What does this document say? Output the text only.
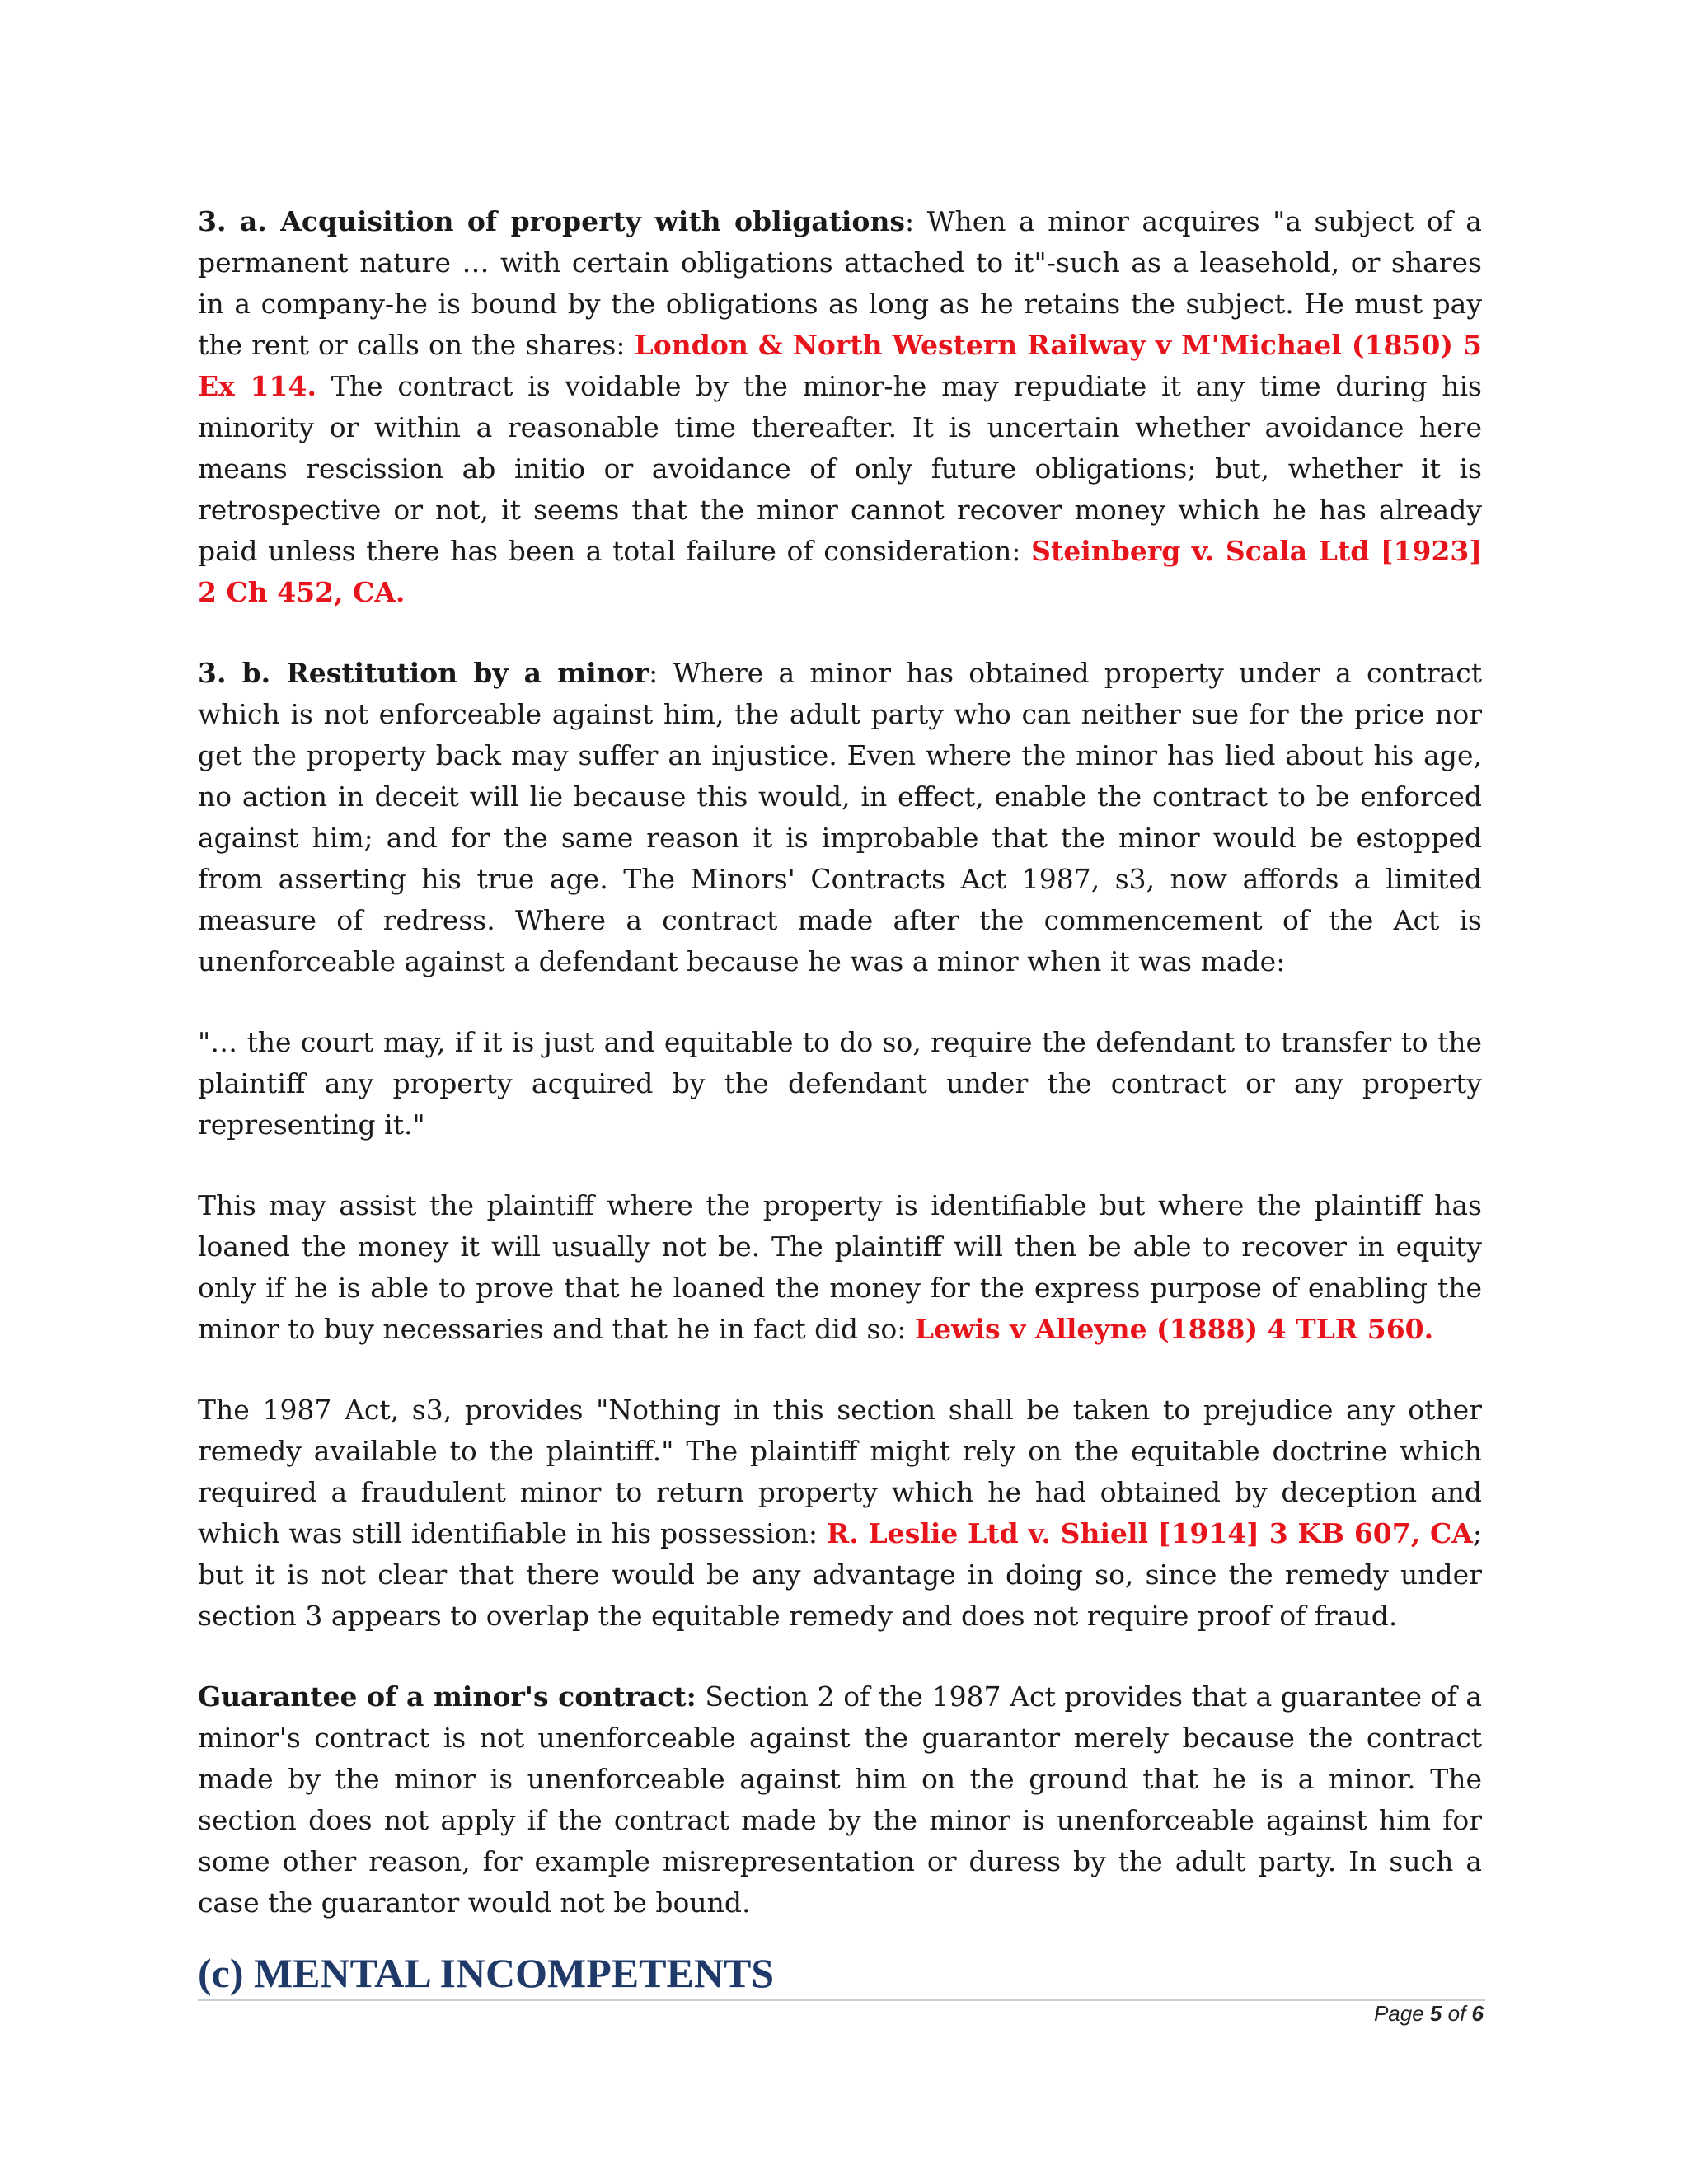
3. a. Acquisition of property with obligations: When a minor acquires "a subject of a permanent nature … with certain obligations attached to it"-such as a leasehold, or shares in a company-he is bound by the obligations as long as he retains the subject. He must pay the rent or calls on the shares: London & North Western Railway v M'Michael (1850) 5 Ex 114. The contract is voidable by the minor-he may repudiate it any time during his minority or within a reasonable time thereafter. It is uncertain whether avoidance here means rescission ab initio or avoidance of only future obligations; but, whether it is retrospective or not, it seems that the minor cannot recover money which he has already paid unless there has been a total failure of consideration: Steinberg v. Scala Ltd [1923] 2 Ch 452, CA.

3. b. Restitution by a minor: Where a minor has obtained property under a contract which is not enforceable against him, the adult party who can neither sue for the price nor get the property back may suffer an injustice. Even where the minor has lied about his age, no action in deceit will lie because this would, in effect, enable the contract to be enforced against him; and for the same reason it is improbable that the minor would be estopped from asserting his true age. The Minors' Contracts Act 1987, s3, now affords a limited measure of redress. Where a contract made after the commencement of the Act is unenforceable against a defendant because he was a minor when it was made:

"… the court may, if it is just and equitable to do so, require the defendant to transfer to the plaintiff any property acquired by the defendant under the contract or any property representing it."

This may assist the plaintiff where the property is identifiable but where the plaintiff has loaned the money it will usually not be. The plaintiff will then be able to recover in equity only if he is able to prove that he loaned the money for the express purpose of enabling the minor to buy necessaries and that he in fact did so: Lewis v Alleyne (1888) 4 TLR 560.

The 1987 Act, s3, provides "Nothing in this section shall be taken to prejudice any other remedy available to the plaintiff." The plaintiff might rely on the equitable doctrine which required a fraudulent minor to return property which he had obtained by deception and which was still identifiable in his possession: R. Leslie Ltd v. Shiell [1914] 3 KB 607, CA; but it is not clear that there would be any advantage in doing so, since the remedy under section 3 appears to overlap the equitable remedy and does not require proof of fraud.

Guarantee of a minor's contract: Section 2 of the 1987 Act provides that a guarantee of a minor's contract is not unenforceable against the guarantor merely because the contract made by the minor is unenforceable against him on the ground that he is a minor. The section does not apply if the contract made by the minor is unenforceable against him for some other reason, for example misrepresentation or duress by the adult party. In such a case the guarantor would not be bound.

(c) MENTAL INCOMPETENTS
Page 5 of 6
